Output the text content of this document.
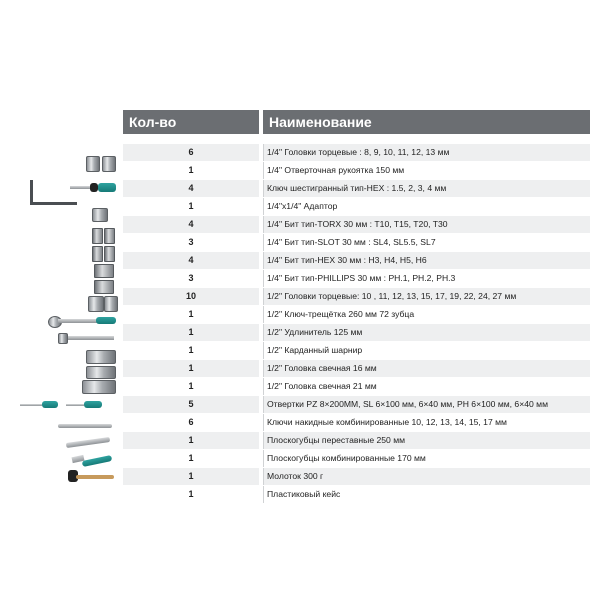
Кол-во	Наименование
6	1/4" Головки торцевые : 8, 9, 10, 11, 12, 13 мм
1	1/4" Отверточная рукоятка 150 мм
4	Ключ шестигранный тип-HEX : 1.5, 2, 3, 4 мм
1	1/4"x1/4" Адаптор
4	1/4" Бит тип-TORX 30 мм : T10, T15, T20, T30
3	1/4" Бит тип-SLOT 30 мм : SL4, SL5.5, SL7
4	1/4" Бит тип-HEX 30 мм : H3, H4, H5, H6
3	1/4" Бит тип-PHILLIPS 30 мм : PH.1, PH.2, PH.3
10	1/2" Головки торцевые: 10 , 11, 12, 13, 15, 17, 19, 22, 24, 27 мм
1	1/2" Ключ-трещётка 260 мм 72 зубца
1	1/2" Удлинитель 125 мм
1	1/2" Карданный шарнир
1	1/2" Головка свечная 16 мм
1	1/2" Головка свечная 21 мм
5	Отвертки PZ 8×200MM, SL 6×100 мм, 6×40 мм, PH 6×100 мм, 6×40 мм
6	Ключи накидные комбинированные 10, 12, 13, 14, 15, 17 мм
1	Плоскогубцы переставные 250 мм
1	Плоскогубцы комбинированные 170 мм
1	Молоток 300 г
1	Пластиковый кейс
